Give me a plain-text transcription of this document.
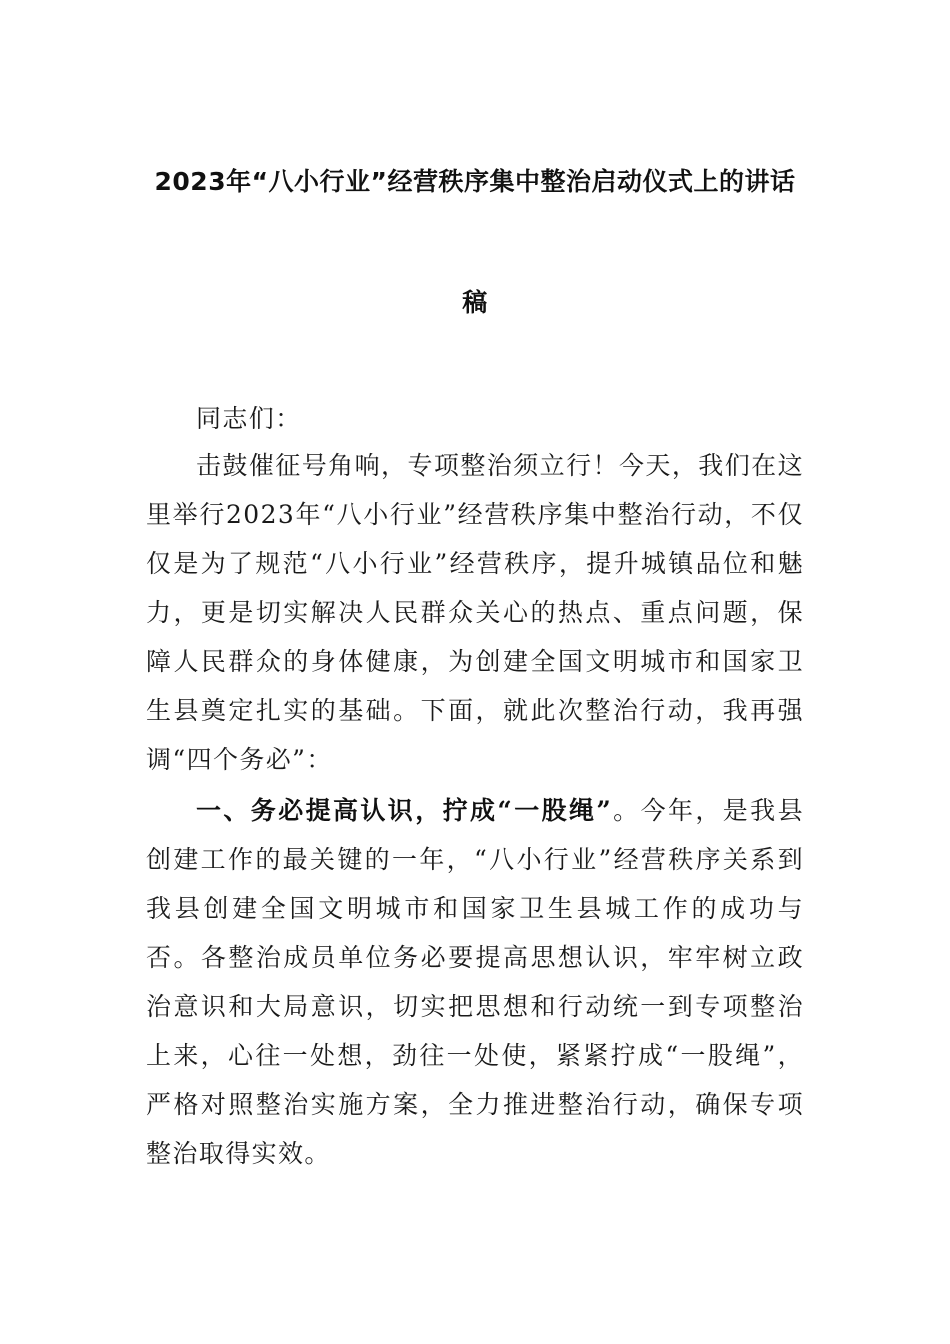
2023年“八小行业”经营秩序集中整治启动仪式上的讲话
稿
同志们：
击鼓催征号角响，专项整治须立行！今天，我们在这里举行2023年“八小行业”经营秩序集中整治行动，不仅仅是为了规范“八小行业”经营秩序，提升城镇品位和魅力，更是切实解决人民群众关心的热点、重点问题，保障人民群众的身体健康，为创建全国文明城市和国家卫生县奠定扎实的基础。下面，就此次整治行动，我再强调“四个务必”：
一、务必提高认识，拧成“一股绳”。今年，是我县创建工作的最关键的一年，“八小行业”经营秩序关系到我县创建全国文明城市和国家卫生县城工作的成功与否。各整治成员单位务必要提高思想认识，牢牢树立政治意识和大局意识，切实把思想和行动统一到专项整治上来，心往一处想，劲往一处使，紧紧拧成“一股绳”，严格对照整治实施方案，全力推进整治行动，确保专项整治取得实效。
